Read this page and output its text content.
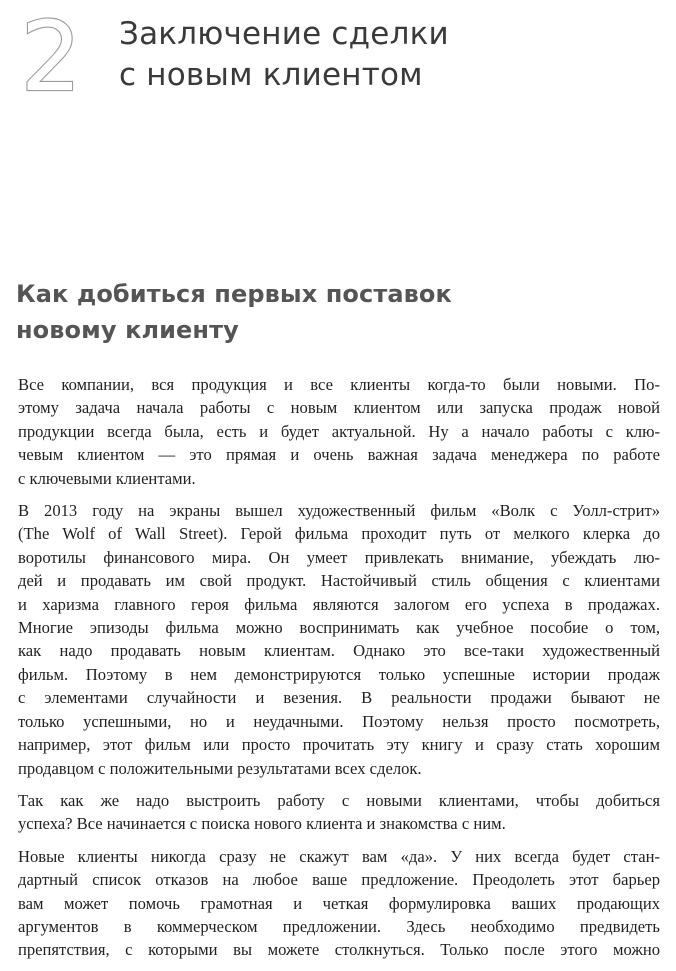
2 Заключение сделки
с новым клиентом
Как добиться первых поставок
новому клиенту

Все компании, вся продукция и все клиенты когда-то были новыми. По-
этому задача начала работы с новым клиентом или запуска продаж новой
продукции всегда была, есть и будет актуальной. Ну а начало работы с клю-
чевым клиентом — это прямая и очень важная задача менеджера по работе
с ключевыми клиентами.

В 2013 году на экраны вышел художественный фильм «Волк с Уолл-стрит»
(The Wolf of Wall Street). Герой фильма проходит путь от мелкого клерка до
воротилы финансового мира. Он умеет привлекать внимание, убеждать лю-
дей и продавать им свой продукт. Настойчивый стиль общения с клиентами
и харизма главного героя фильма являются залогом его успеха в продажах.
Многие эпизоды фильма можно воспринимать как учебное пособие о том,
как надо продавать новым клиентам. Однако это все-таки художественный
фильм. Поэтому в нем демонстрируются только успешные истории продаж
с элементами случайности и везения. В реальности продажи бывают не
только успешными, но и неудачными. Поэтому нельзя просто посмотреть,
например, этот фильм или просто прочитать эту книгу и сразу стать хорошим
продавцом с положительными результатами всех сделок.

Так как же надо выстроить работу с новыми клиентами, чтобы добиться
успеха? Все начинается с поиска нового клиента и знакомства с ним.

Новые клиенты никогда сразу не скажут вам «да». У них всегда будет стан-
дартный список отказов на любое ваше предложение. Преодолеть этот барьер
вам может помочь грамотная и четкая формулировка ваших продающих
аргументов в коммерческом предложении. Здесь необходимо предвидеть
препятствия, с которыми вы можете столкнуться. Только после этого можно
